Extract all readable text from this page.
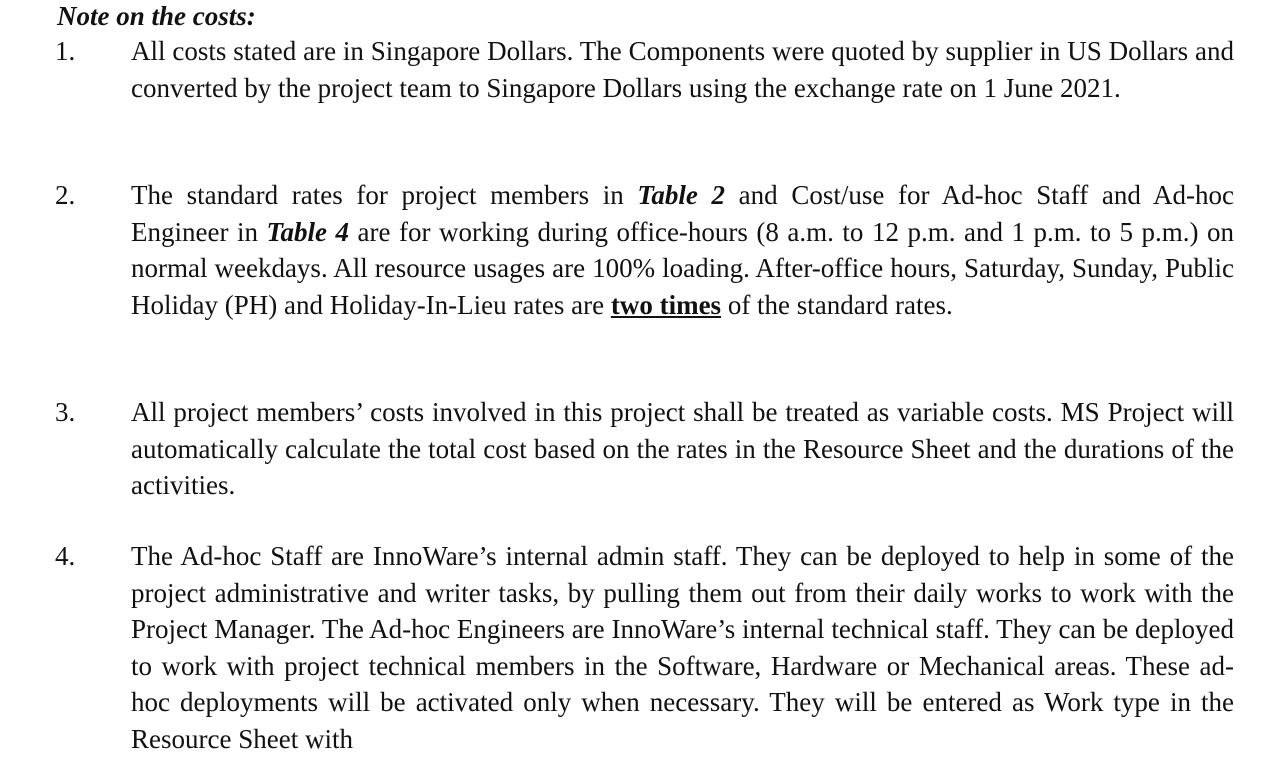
Note on the costs:

1. All costs stated are in Singapore Dollars. The Components were quoted by supplier in US Dollars and converted by the project team to Singapore Dollars using the exchange rate on 1 June 2021.
2. The standard rates for project members in Table 2 and Cost/use for Ad-hoc Staff and Ad-hoc Engineer in Table 4 are for working during office-hours (8 a.m. to 12 p.m. and 1 p.m. to 5 p.m.) on normal weekdays. All resource usages are 100% loading. After-office hours, Saturday, Sunday, Public Holiday (PH) and Holiday-In-Lieu rates are two times of the standard rates.
3. All project members’ costs involved in this project shall be treated as variable costs. MS Project will automatically calculate the total cost based on the rates in the Resource Sheet and the durations of the activities.
4. The Ad-hoc Staff are InnoWare’s internal admin staff. They can be deployed to help in some of the project administrative and writer tasks, by pulling them out from their daily works to work with the Project Manager. The Ad-hoc Engineers are InnoWare’s internal technical staff. They can be deployed to work with project technical members in the Software, Hardware or Mechanical areas. These ad-hoc deployments will be activated only when necessary. They will be entered as Work type in the Resource Sheet with
